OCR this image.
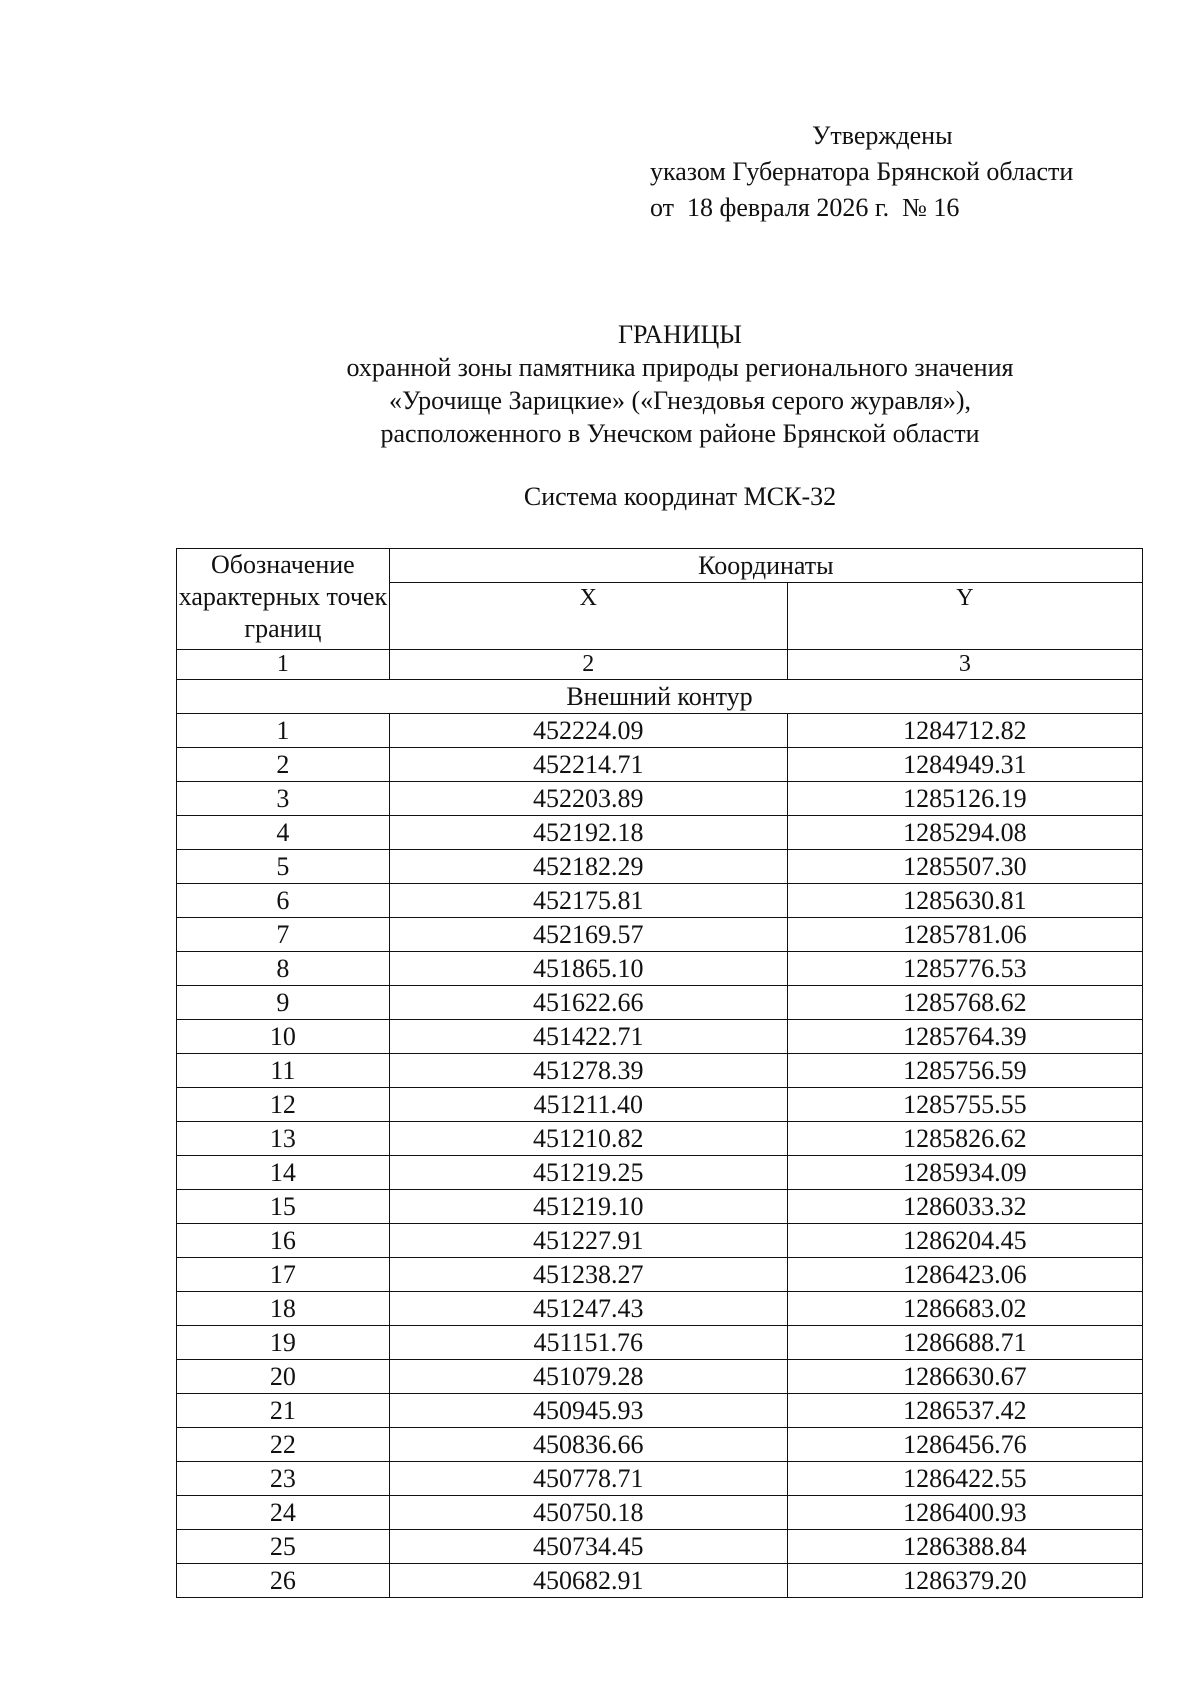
Утверждены
указом Губернатора Брянской области
от  18 февраля 2026 г.  № 16
ГРАНИЦЫ
охранной зоны памятника природы регионального значения
«Урочище Зарицкие» («Гнездовья серого журавля»),
расположенного в Унечском районе Брянской области
Система координат МСК-32
Обозначение характерных точек границ	Координаты	
	X	Y
1	2	3
Внешний контур		
1	452224.09	1284712.82
2	452214.71	1284949.31
3	452203.89	1285126.19
4	452192.18	1285294.08
5	452182.29	1285507.30
6	452175.81	1285630.81
7	452169.57	1285781.06
8	451865.10	1285776.53
9	451622.66	1285768.62
10	451422.71	1285764.39
11	451278.39	1285756.59
12	451211.40	1285755.55
13	451210.82	1285826.62
14	451219.25	1285934.09
15	451219.10	1286033.32
16	451227.91	1286204.45
17	451238.27	1286423.06
18	451247.43	1286683.02
19	451151.76	1286688.71
20	451079.28	1286630.67
21	450945.93	1286537.42
22	450836.66	1286456.76
23	450778.71	1286422.55
24	450750.18	1286400.93
25	450734.45	1286388.84
26	450682.91	1286379.20
